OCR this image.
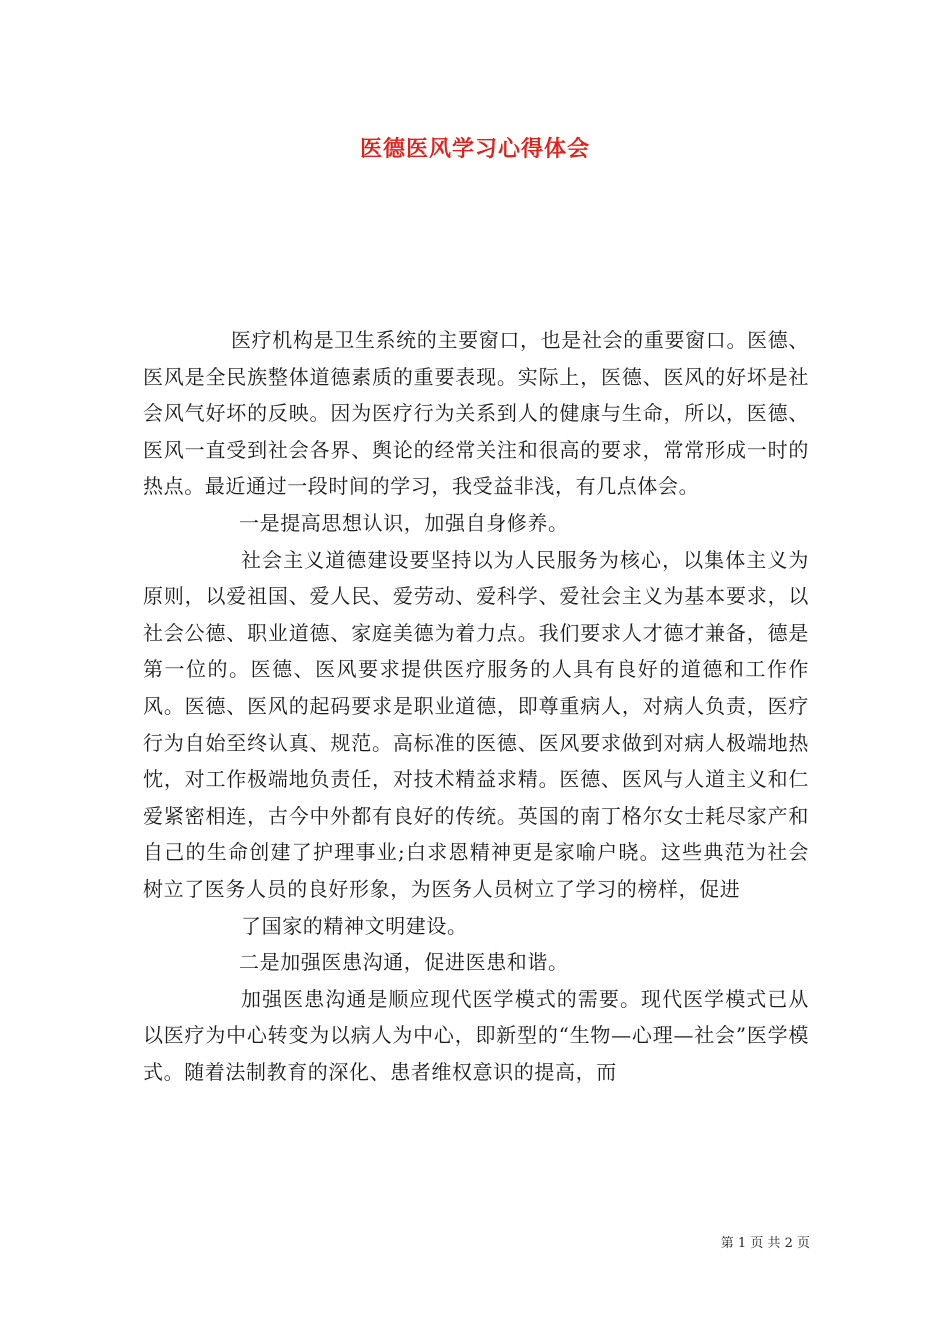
医德医风学习心得体会

医疗机构是卫生系统的主要窗口，也是社会的重要窗口。医德、医风是全民族整体道德素质的重要表现。实际上，医德、医风的好坏是社会风气好坏的反映。因为医疗行为关系到人的健康与生命，所以，医德、医风一直受到社会各界、舆论的经常关注和很高的要求，常常形成一时的热点。最近通过一段时间的学习，我受益非浅，有几点体会。

一是提高思想认识，加强自身修养。

社会主义道德建设要坚持以为人民服务为核心，以集体主义为原则，以爱祖国、爱人民、爱劳动、爱科学、爱社会主义为基本要求，以社会公德、职业道德、家庭美德为着力点。我们要求人才德才兼备，德是第一位的。医德、医风要求提供医疗服务的人具有良好的道德和工作作风。医德、医风的起码要求是职业道德，即尊重病人，对病人负责，医疗行为自始至终认真、规范。高标准的医德、医风要求做到对病人极端地热忱，对工作极端地负责任，对技术精益求精。医德、医风与人道主义和仁爱紧密相连，古今中外都有良好的传统。英国的南丁格尔女士耗尽家产和自己的生命创建了护理事业;白求恩精神更是家喻户晓。这些典范为社会树立了医务人员的良好形象，为医务人员树立了学习的榜样，促进

了国家的精神文明建设。

二是加强医患沟通，促进医患和谐。

加强医患沟通是顺应现代医学模式的需要。现代医学模式已从以医疗为中心转变为以病人为中心，即新型的“生物—心理—社会”医学模式。随着法制教育的深化、患者维权意识的提高，而

第 1 页 共 2 页
